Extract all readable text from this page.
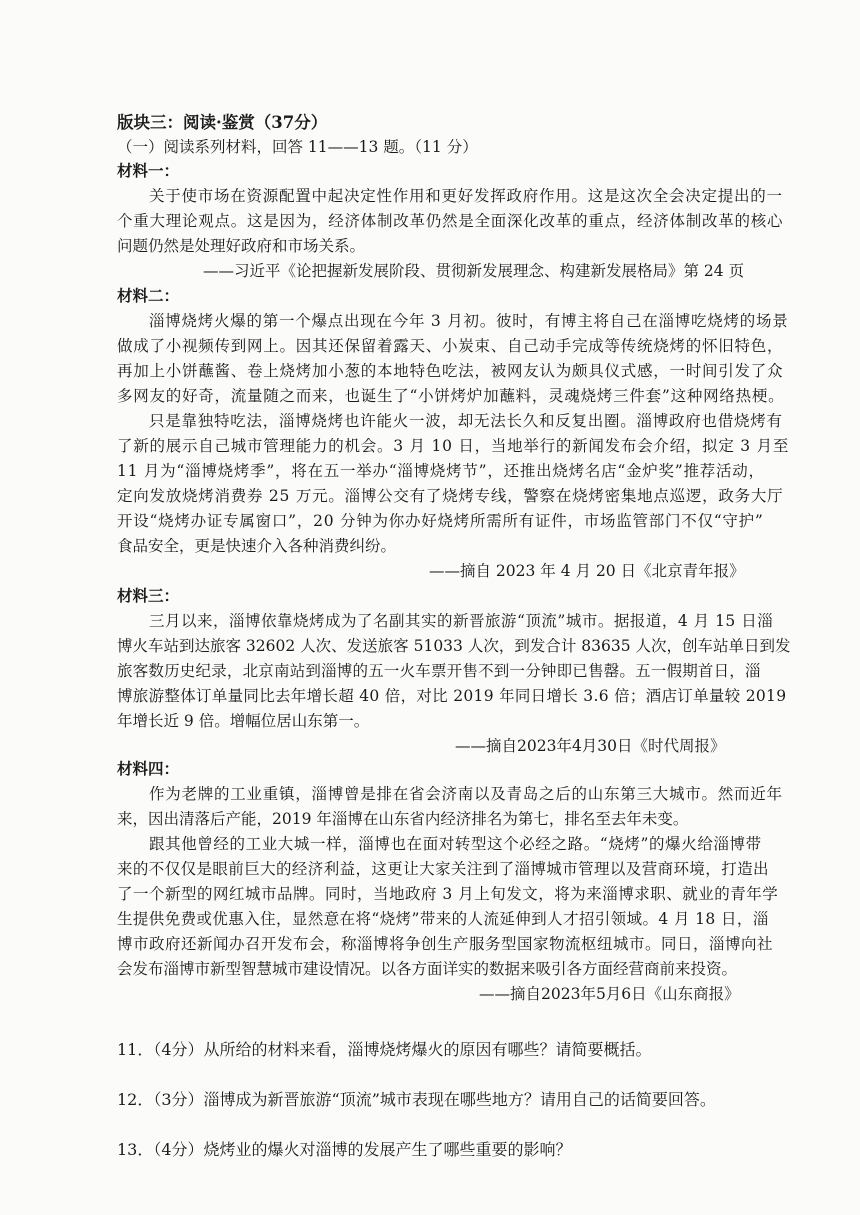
版块三：阅读·鉴赏（37分）
（一）阅读系列材料，回答 11——13 题。（11 分）
材料一：
关于使市场在资源配置中起决定性作用和更好发挥政府作用。这是这次全会决定提出的一
个重大理论观点。这是因为，经济体制改革仍然是全面深化改革的重点，经济体制改革的核心
问题仍然是处理好政府和市场关系。
——习近平《论把握新发展阶段、贯彻新发展理念、构建新发展格局》第 24 页
材料二：
淄博烧烤火爆的第一个爆点出现在今年 3 月初。彼时，有博主将自己在淄博吃烧烤的场景
做成了小视频传到网上。因其还保留着露天、小炭束、自己动手完成等传统烧烤的怀旧特色，
再加上小饼蘸酱、卷上烧烤加小葱的本地特色吃法，被网友认为颇具仪式感，一时间引发了众
多网友的好奇，流量随之而来，也诞生了“小饼烤炉加蘸料，灵魂烧烤三件套”这种网络热梗。
只是靠独特吃法，淄博烧烤也许能火一波，却无法长久和反复出圈。淄博政府也借烧烤有
了新的展示自己城市管理能力的机会。3 月 10 日，当地举行的新闻发布会介绍，拟定 3 月至
11 月为“淄博烧烤季”，将在五一举办“淄博烧烤节”，还推出烧烤名店“金炉奖”推荐活动，
定向发放烧烤消费券 25 万元。淄博公交有了烧烤专线，警察在烧烤密集地点巡逻，政务大厅
开设“烧烤办证专属窗口”，20 分钟为你办好烧烤所需所有证件，市场监管部门不仅“守护”
食品安全，更是快速介入各种消费纠纷。
——摘自 2023 年 4 月 20 日《北京青年报》
材料三：
三月以来，淄博依靠烧烤成为了名副其实的新晋旅游“顶流”城市。据报道，4 月 15 日淄
博火车站到达旅客 32602 人次、发送旅客 51033 人次，到发合计 83635 人次，创车站单日到发
旅客数历史纪录，北京南站到淄博的五一火车票开售不到一分钟即已售罄。五一假期首日，淄
博旅游整体订单量同比去年增长超 40 倍，对比 2019 年同日增长 3.6 倍；酒店订单量较 2019
年增长近 9 倍。增幅位居山东第一。
——摘自2023年4月30日《时代周报》
材料四：
作为老牌的工业重镇，淄博曾是排在省会济南以及青岛之后的山东第三大城市。然而近年
来，因出清落后产能，2019 年淄博在山东省内经济排名为第七，排名至去年未变。
跟其他曾经的工业大城一样，淄博也在面对转型这个必经之路。“烧烤”的爆火给淄博带
来的不仅仅是眼前巨大的经济利益，这更让大家关注到了淄博城市管理以及营商环境，打造出
了一个新型的网红城市品牌。同时，当地政府 3 月上旬发文，将为来淄博求职、就业的青年学
生提供免费或优惠入住，显然意在将“烧烤”带来的人流延伸到人才招引领域。4 月 18 日，淄
博市政府还新闻办召开发布会，称淄博将争创生产服务型国家物流枢纽城市。同日，淄博向社
会发布淄博市新型智慧城市建设情况。以各方面详实的数据来吸引各方面经营商前来投资。
——摘自2023年5月6日《山东商报》
11．（4分）从所给的材料来看，淄博烧烤爆火的原因有哪些？请简要概括。
12．（3分）淄博成为新晋旅游“顶流”城市表现在哪些地方？请用自己的话简要回答。
13．（4分）烧烤业的爆火对淄博的发展产生了哪些重要的影响？
